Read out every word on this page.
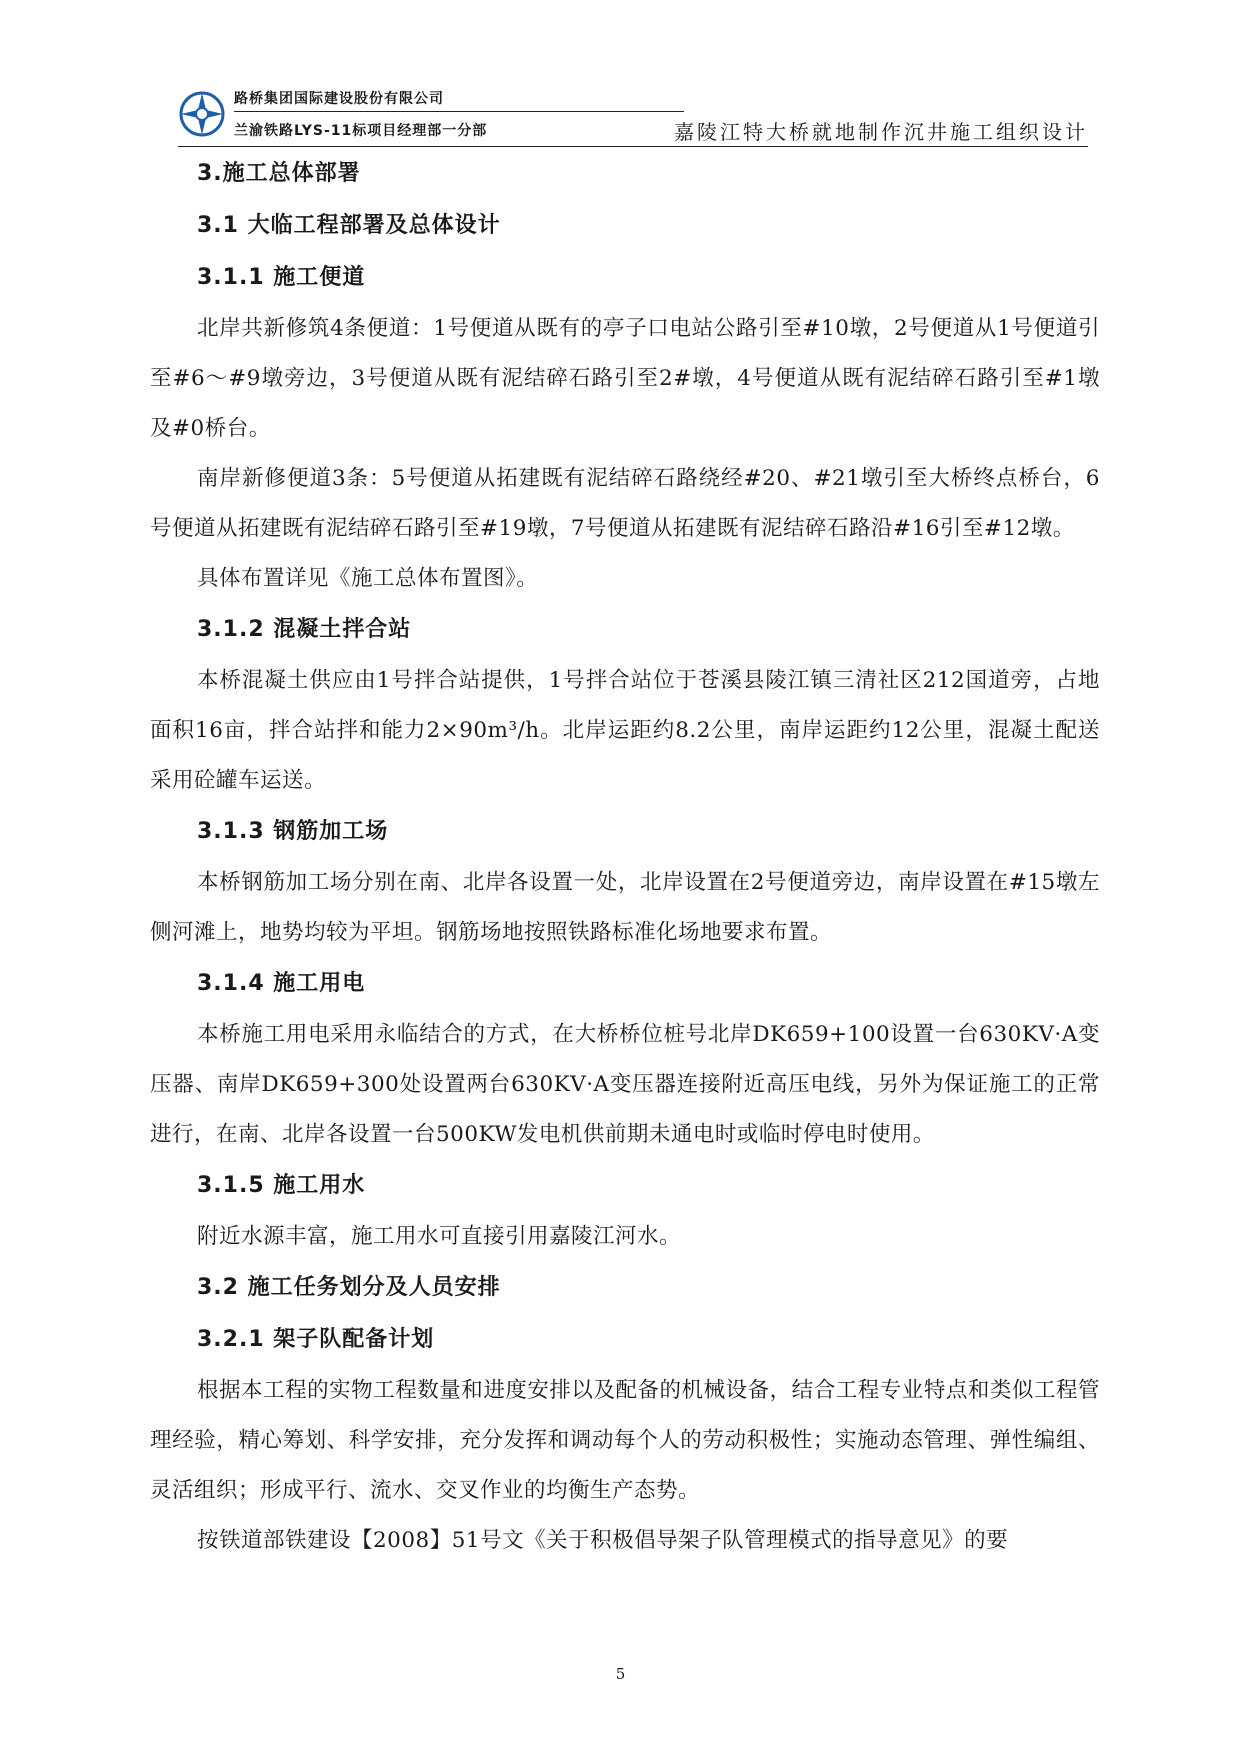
路桥集团国际建设股份有限公司
兰渝铁路LYS-11标项目经理部一分部	嘉陵江特大桥就地制作沉井施工组织设计
3.施工总体部署
3.1 大临工程部署及总体设计
3.1.1 施工便道
北岸共新修筑4条便道：1号便道从既有的亭子口电站公路引至#10墩，2号便道从1号便道引至#6～#9墩旁边，3号便道从既有泥结碎石路引至2#墩，4号便道从既有泥结碎石路引至#1墩及#0桥台。
南岸新修便道3条：5号便道从拓建既有泥结碎石路绕经#20、#21墩引至大桥终点桥台，6号便道从拓建既有泥结碎石路引至#19墩，7号便道从拓建既有泥结碎石路沿#16引至#12墩。
具体布置详见《施工总体布置图》。
3.1.2 混凝土拌合站
本桥混凝土供应由1号拌合站提供，1号拌合站位于苍溪县陵江镇三清社区212国道旁，占地面积16亩，拌合站拌和能力2×90m³/h。北岸运距约8.2公里，南岸运距约12公里，混凝土配送采用砼罐车运送。
3.1.3 钢筋加工场
本桥钢筋加工场分别在南、北岸各设置一处，北岸设置在2号便道旁边，南岸设置在#15墩左侧河滩上，地势均较为平坦。钢筋场地按照铁路标准化场地要求布置。
3.1.4 施工用电
本桥施工用电采用永临结合的方式，在大桥桥位桩号北岸DK659+100设置一台630KV·A变压器、南岸DK659+300处设置两台630KV·A变压器连接附近高压电线，另外为保证施工的正常进行，在南、北岸各设置一台500KW发电机供前期未通电时或临时停电时使用。
3.1.5 施工用水
附近水源丰富，施工用水可直接引用嘉陵江河水。
3.2 施工任务划分及人员安排
3.2.1 架子队配备计划
根据本工程的实物工程数量和进度安排以及配备的机械设备，结合工程专业特点和类似工程管理经验，精心筹划、科学安排，充分发挥和调动每个人的劳动积极性；实施动态管理、弹性编组、灵活组织；形成平行、流水、交叉作业的均衡生产态势。
按铁道部铁建设【2008】51号文《关于积极倡导架子队管理模式的指导意见》的要
5
